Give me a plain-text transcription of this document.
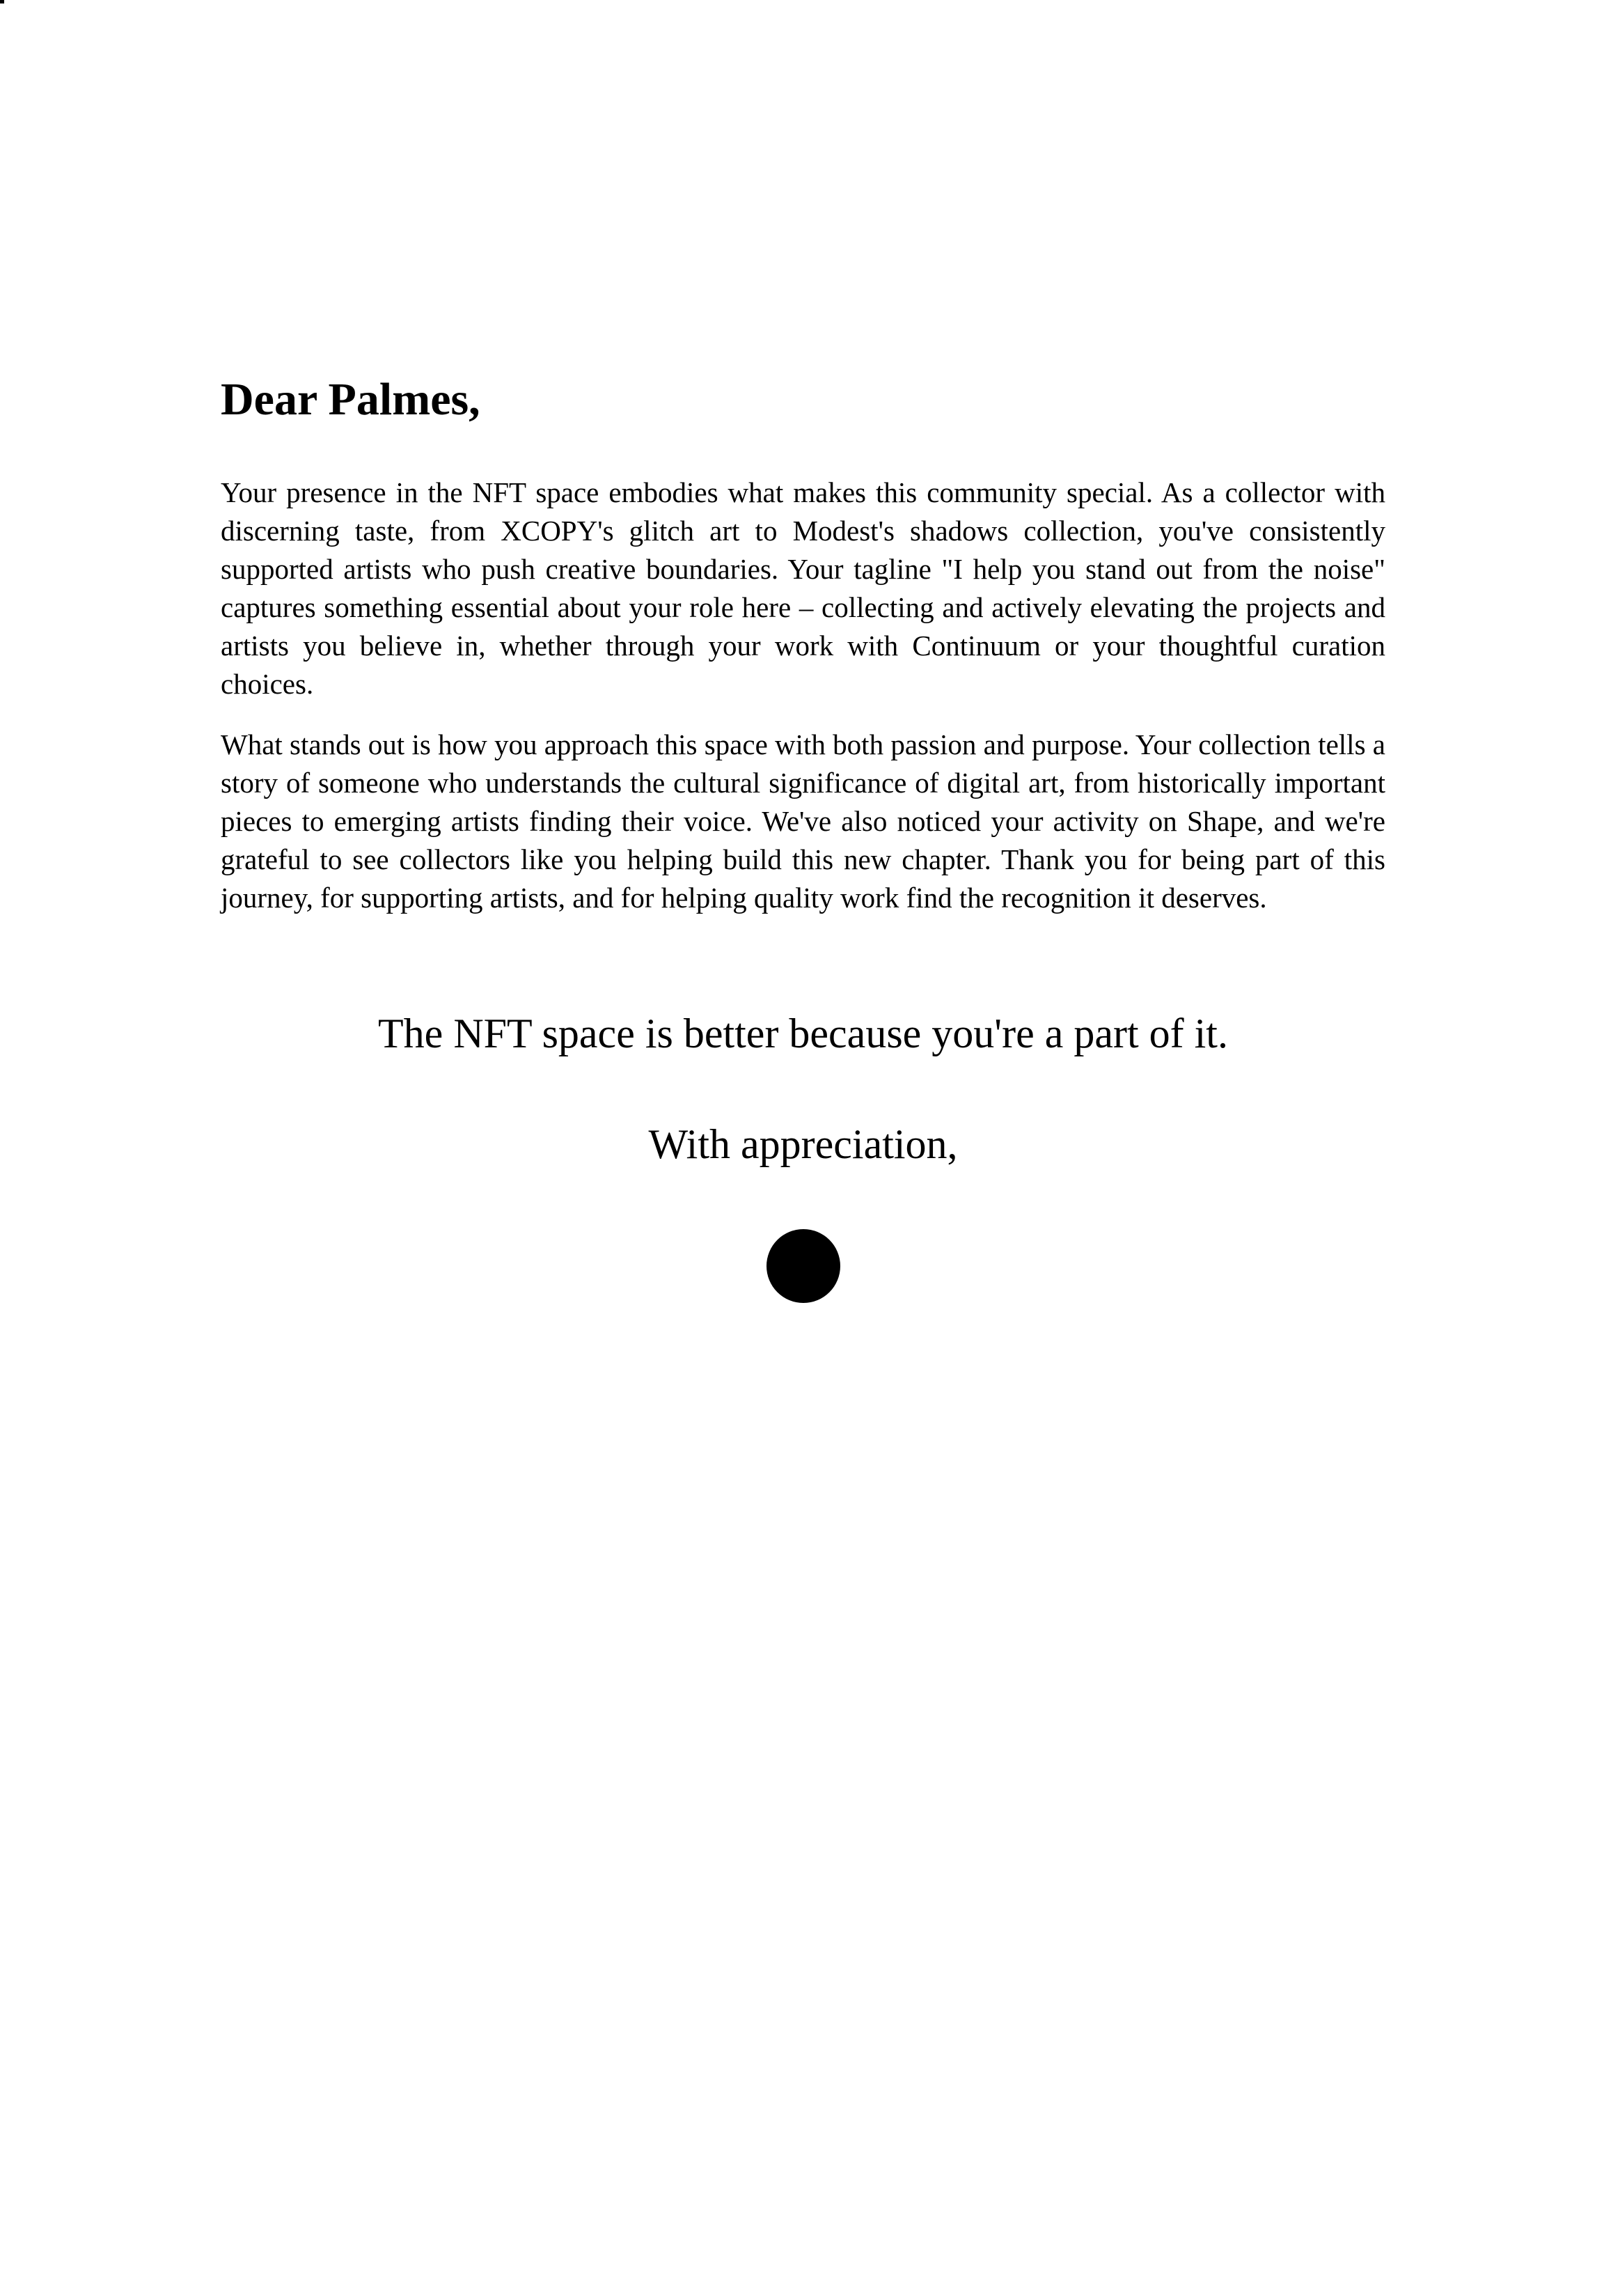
Dear Palmes,

Your presence in the NFT space embodies what makes this community special. As a collector with discerning taste, from XCOPY's glitch art to Modest's shadows collection, you've consistently supported artists who push creative boundaries. Your tagline "I help you stand out from the noise" captures something essential about your role here – collecting and actively elevating the projects and artists you believe in, whether through your work with Continuum or your thoughtful curation choices.

What stands out is how you approach this space with both passion and purpose. Your collection tells a story of someone who understands the cultural significance of digital art, from historically important pieces to emerging artists finding their voice. We've also noticed your activity on Shape, and we're grateful to see collectors like you helping build this new chapter. Thank you for being part of this journey, for supporting artists, and for helping quality work find the recognition it deserves.

The NFT space is better because you're a part of it.

With appreciation,
